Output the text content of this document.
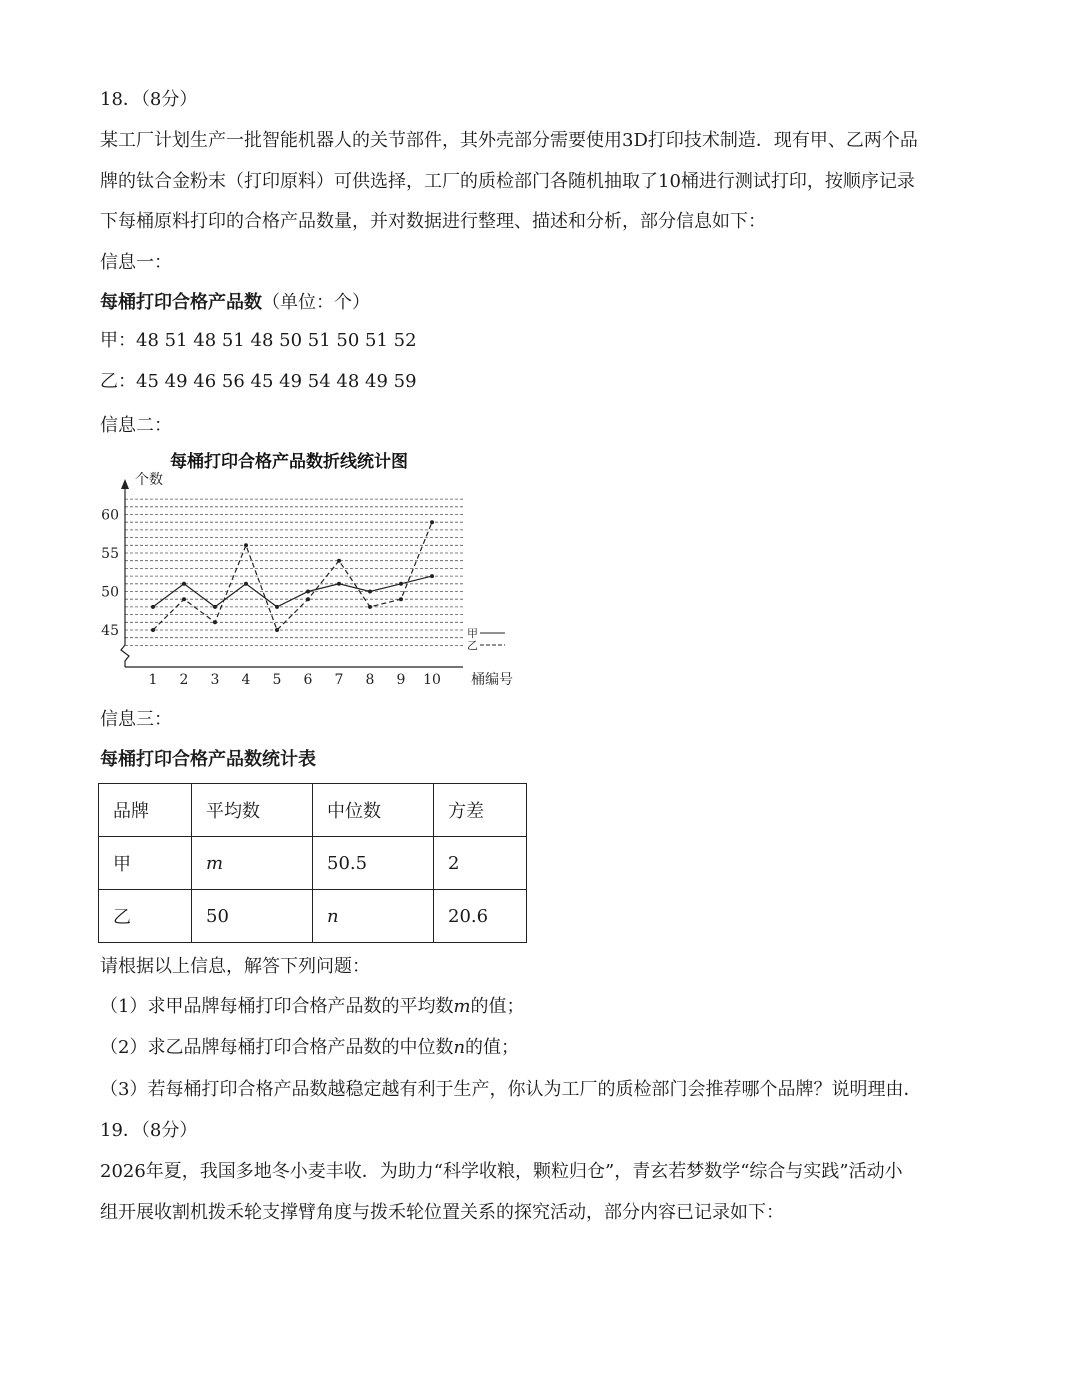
18．（8分）
某工厂计划生产一批智能机器人的关节部件，其外壳部分需要使用3D打印技术制造．现有甲、乙两个品
牌的钛合金粉末（打印原料）可供选择，工厂的质检部门各随机抽取了10桶进行测试打印，按顺序记录
下每桶原料打印的合格产品数量，并对数据进行整理、描述和分析，部分信息如下：
信息一：
每桶打印合格产品数（单位：个）
甲：48 51 48 51 48 50 51 50 51 52
乙：45 49 46 56 45 49 54 48 49 59
信息二：
每桶打印合格产品数折线统计图
个数
桶编号
45
50
55
60
1 2 3 4 5 6 7 8 9 10
甲
乙
信息三：
每桶打印合格产品数统计表
品牌	平均数	中位数	方差
甲	m	50.5	2
乙	50	n	20.6
请根据以上信息，解答下列问题：
（1）求甲品牌每桶打印合格产品数的平均数m的值；
（2）求乙品牌每桶打印合格产品数的中位数n的值；
（3）若每桶打印合格产品数越稳定越有利于生产，你认为工厂的质检部门会推荐哪个品牌？说明理由．
19．（8分）
2026年夏，我国多地冬小麦丰收．为助力“科学收粮，颗粒归仓”，青玄若梦数学“综合与实践”活动小
组开展收割机拨禾轮支撑臂角度与拨禾轮位置关系的探究活动，部分内容已记录如下：
